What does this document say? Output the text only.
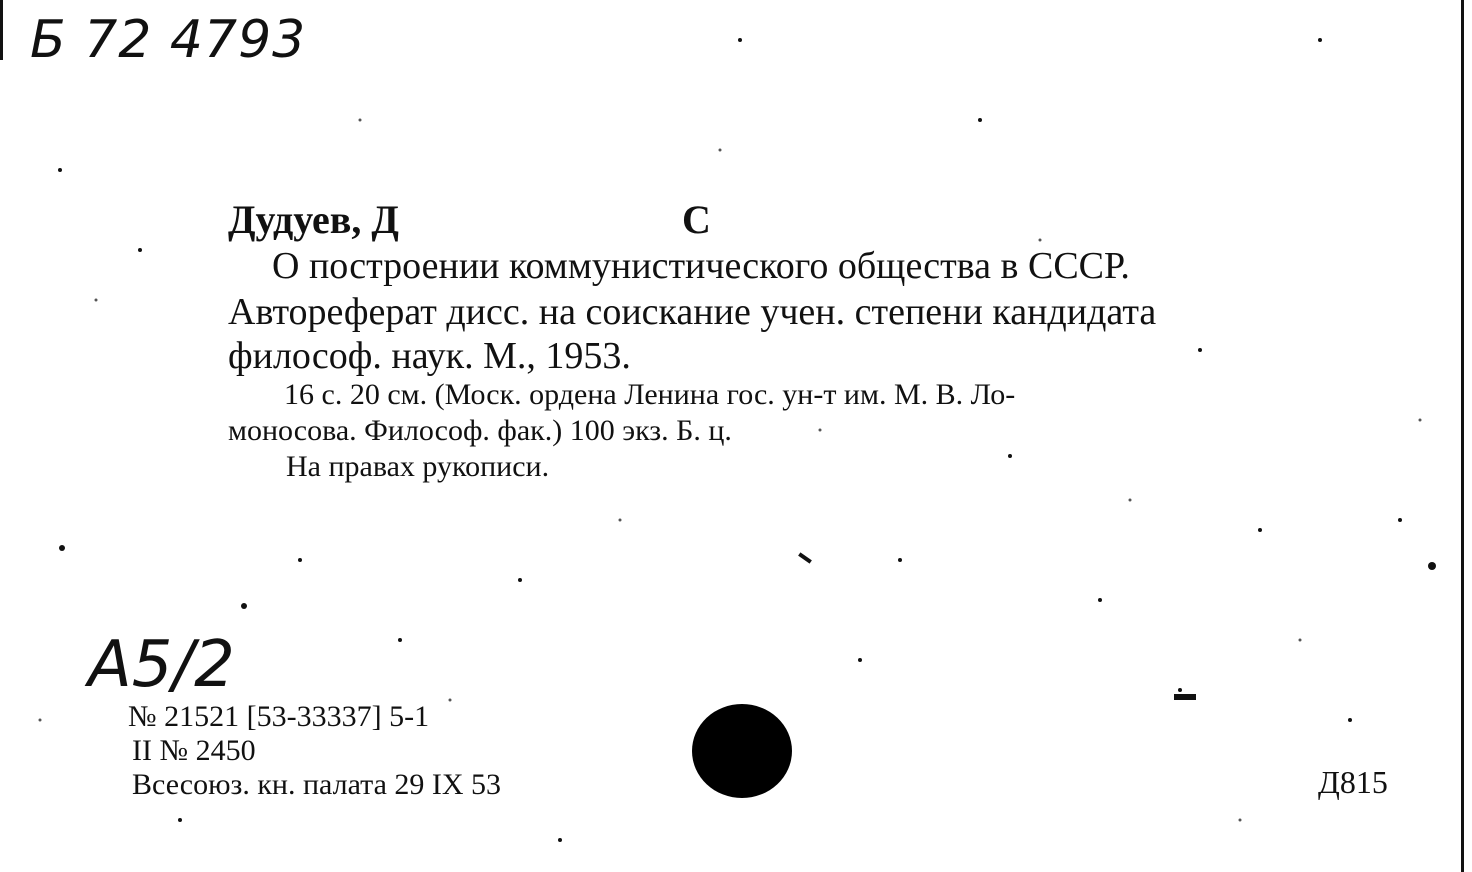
Б 72 4793
Дудуев, Д	С
О построении коммунистического общества в СССР.
Автореферат дисс. на соискание учен. степени кандидата
философ. наук. М., 1953.
16 с. 20 см. (Моск. ордена Ленина гос. ун-т им. М. В. Ло-
моносова. Философ. фак.) 100 экз. Б. ц.
На правах рукописи.
A5/2
№ 21521 [53-33337] 5-1
II № 2450
Всесоюз. кн. палата 29 IX 53	Д815
